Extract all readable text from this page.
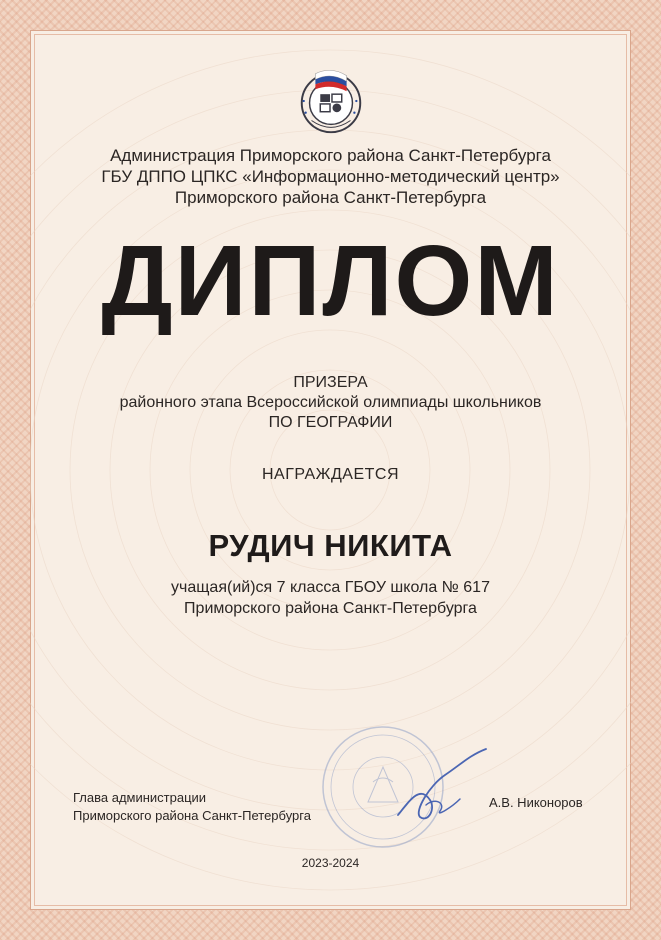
Администрация Приморского района Санкт-Петербурга
ГБУ ДППО ЦПКС «Информационно-методический центр»
Приморского района Санкт-Петербурга
ДИПЛОМ
ПРИЗЕРА
районного этапа Всероссийской олимпиады школьников
ПО ГЕОГРАФИИ
НАГРАЖДАЕТСЯ
РУДИЧ НИКИТА
учащая(ий)ся 7 класса ГБОУ школа № 617
Приморского района Санкт-Петербурга
Глава администрации
Приморского района Санкт-Петербурга
А.В. Никоноров
2023-2024
